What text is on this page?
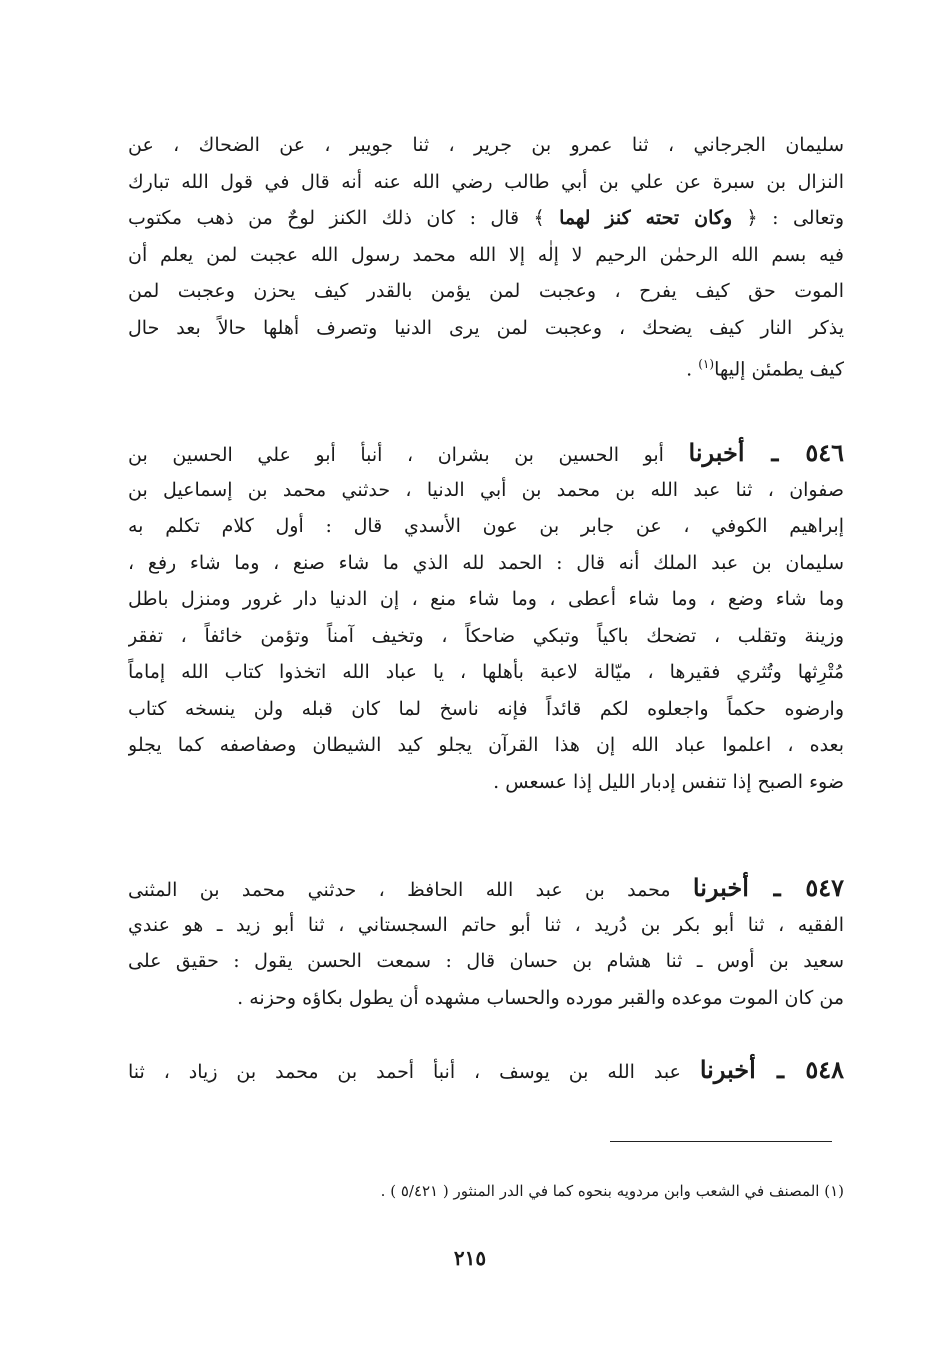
سليمان الجرجاني ، ثنا عمرو بن جرير ، ثنا جويبر ، عن الضحاك ، عن
النزال بن سبرة عن علي بن أبي طالب رضي الله عنه أنه قال في قول الله تبارك
وتعالى : ﴿ وكان تحته كنز لهما ﴾ قال : كان ذلك الكنز لوحٌ من ذهب مكتوب
فيه بسم الله الرحمٰن الرحيم لا إلٰه إلا الله محمد رسول الله عجبت لمن يعلم أن
الموت حق كيف يفرح ، وعجبت لمن يؤمن بالقدر كيف يحزن وعجبت لمن
يذكر النار كيف يضحك ، وعجبت لمن يرى الدنيا وتصرف أهلها حالاً بعد حال
كيف يطمئن إليها$^{(١)}$ .
٥٤٦ ـ أخبرنا أبو الحسين بن بشران ، أنبأ أبو علي الحسين بن
صفوان ، ثنا عبد الله بن محمد بن أبي الدنيا ، حدثني محمد بن إسماعيل بن
إبراهيم الكوفي ، عن جابر بن عون الأسدي قال : أول كلام تكلم به
سليمان بن عبد الملك أنه قال : الحمد لله الذي ما شاء صنع ، وما شاء رفع ،
وما شاء وضع ، وما شاء أعطى ، وما شاء منع ، إن الدنيا دار غرور ومنزل باطل
وزينة وتقلب ، تضحك باكياً وتبكي ضاحكاً ، وتخيف آمناً وتؤمن خائفاً ، تفقر
مُتْرِثها وتُثري فقيرها ، ميّالة لاعبة بأهلها ، يا عباد الله اتخذوا كتاب الله إماماً
وارضوه حكماً واجعلوه لكم قائداً فإنه ناسخ لما كان قبله ولن ينسخه كتاب
بعده ، اعلموا عباد الله إن هذا القرآن يجلو كيد الشيطان وصفاصفه كما يجلو
ضوء الصبح إذا تنفس إدبار الليل إذا عسعس .
٥٤٧ ـ أخبرنا محمد بن عبد الله الحافظ ، حدثني محمد بن المثنى
الفقيه ، ثنا أبو بكر بن دُريد ، ثنا أبو حاتم السجستاني ، ثنا أبو زيد ـ هو عندي
سعيد بن أوس ـ ثنا هشام بن حسان قال : سمعت الحسن يقول : حقيق على
من كان الموت موعده والقبر مورده والحساب مشهده أن يطول بكاؤه وحزنه .
٥٤٨ ـ أخبرنا عبد الله بن يوسف ، أنبأ أحمد بن محمد بن زياد ، ثنا
(١) المصنف في الشعب وابن مردويه بنحوه كما في الدر المنثور ( ٥/٤٢١ ) .
٢١٥
